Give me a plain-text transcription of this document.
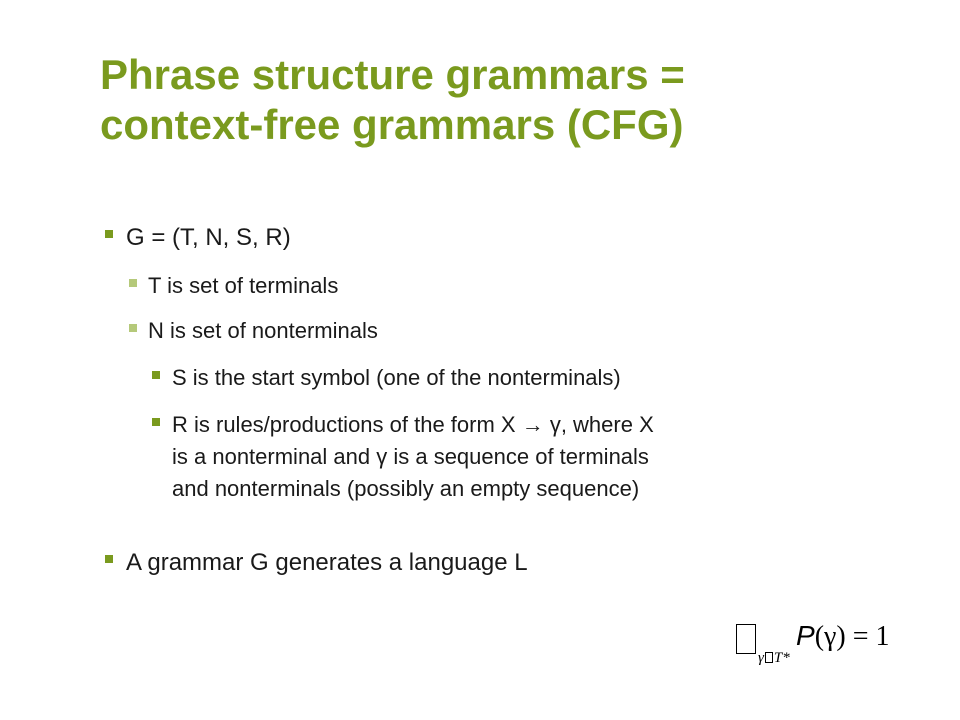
Phrase structure grammars =
context-free grammars (CFG)
G = (T, N, S, R)
T is set of terminals
N is set of nonterminals
S is the start symbol (one of the nonterminals)
R is rules/productions of the form X → γ, where X
is a nonterminal and γ is a sequence of terminals
and nonterminals (possibly an empty sequence)
A grammar G generates a language L
γ T*
P(γ) = 1
